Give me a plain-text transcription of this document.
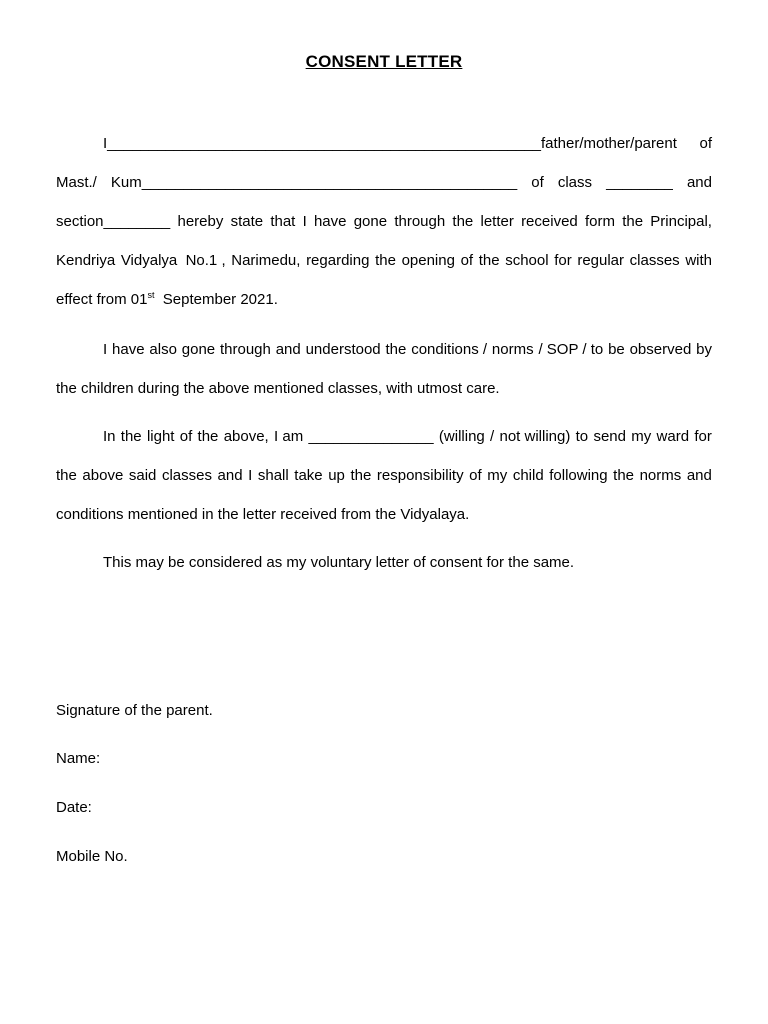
CONSENT LETTER
I____________________________________________________father/mother/parent of
Mast./ Kum_____________________________________________ of class ________ and
section________ hereby state that I have gone through the letter received form the Principal,
Kendriya Vidyalya  No.1 , Narimedu, regarding the opening of the school for regular classes with
effect from 01st  September 2021.
I have also gone through and understood the conditions / norms / SOP / to be observed by
the children during the above mentioned classes, with utmost care.
In the light of the above, I am _______________ (willing / not willing) to send my ward for
the above said classes and I shall take up the responsibility of my child following the norms and
conditions mentioned in the letter received from the Vidyalaya.
This may be considered as my voluntary letter of consent for the same.
Signature of the parent.
Name:
Date:
Mobile No.
